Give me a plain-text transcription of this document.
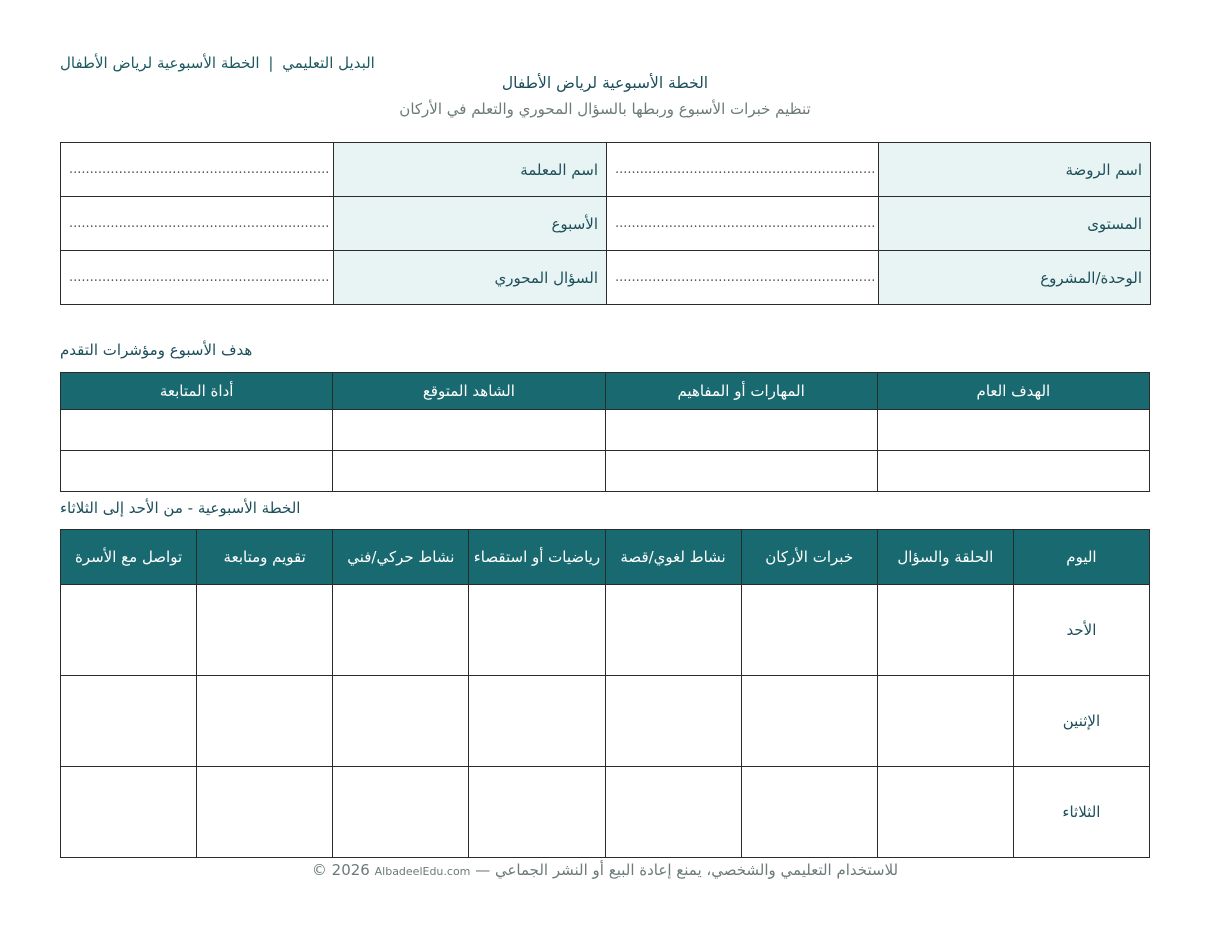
البديل التعليمي | الخطة الأسبوعية لرياض الأطفال
الخطة الأسبوعية لرياض الأطفال
تنظيم خبرات الأسبوع وربطها بالسؤال المحوري والتعلم في الأركان
اسم الروضة	...............................................................	اسم المعلمة	...............................................................
المستوى	...............................................................	الأسبوع	...............................................................
الوحدة/المشروع	...............................................................	السؤال المحوري	...............................................................
هدف الأسبوع ومؤشرات التقدم
الهدف العام	المهارات أو المفاهيم	الشاهد المتوقع	أداة المتابعة

الخطة الأسبوعية - من الأحد إلى الثلاثاء
اليوم	الحلقة والسؤال	خبرات الأركان	نشاط لغوي/قصة	رياضيات أو استقصاء	نشاط حركي/فني	تقويم ومتابعة	تواصل مع الأسرة
الأحد							
الإثنين							
الثلاثاء							
© 2026 AlbadeelEdu.com — للاستخدام التعليمي والشخصي، يمنع إعادة البيع أو النشر الجماعي
